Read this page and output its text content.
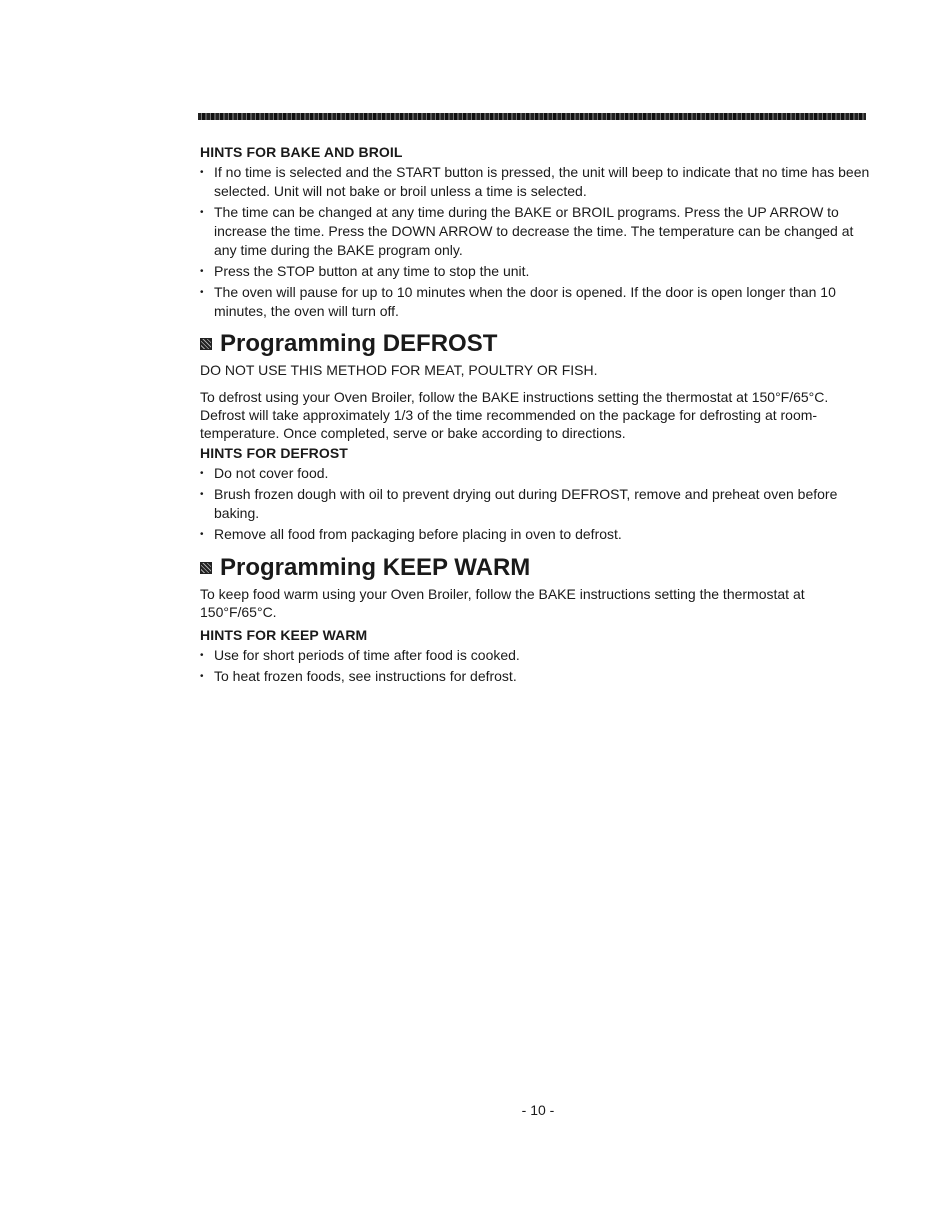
HINTS FOR BAKE AND BROIL
• If no time is selected and the START button is pressed, the unit will beep to indicate that no time has been selected. Unit will not bake or broil unless a time is selected.
• The time can be changed at any time during the BAKE or BROIL programs. Press the UP ARROW to increase the time. Press the DOWN ARROW to decrease the time. The temperature can be changed at any time during the BAKE program only.
• Press the STOP button at any time to stop the unit.
• The oven will pause for up to 10 minutes when the door is opened. If the door is open longer than 10 minutes, the oven will turn off.
Programming DEFROST

DO NOT USE THIS METHOD FOR MEAT, POULTRY OR FISH.

To defrost using your Oven Broiler, follow the BAKE instructions setting the thermostat at 150°F/65°C. Defrost will take approximately 1/3 of the time recommended on the package for defrosting at room-temperature. Once completed, serve or bake according to directions.

HINTS FOR DEFROST
• Do not cover food.
• Brush frozen dough with oil to prevent drying out during DEFROST, remove and preheat oven before baking.
• Remove all food from packaging before placing in oven to defrost.
Programming KEEP WARM

To keep food warm using your Oven Broiler, follow the BAKE instructions setting the thermostat at 150°F/65°C.

HINTS FOR KEEP WARM
• Use for short periods of time after food is cooked.
• To heat frozen foods, see instructions for defrost.
- 10 -
